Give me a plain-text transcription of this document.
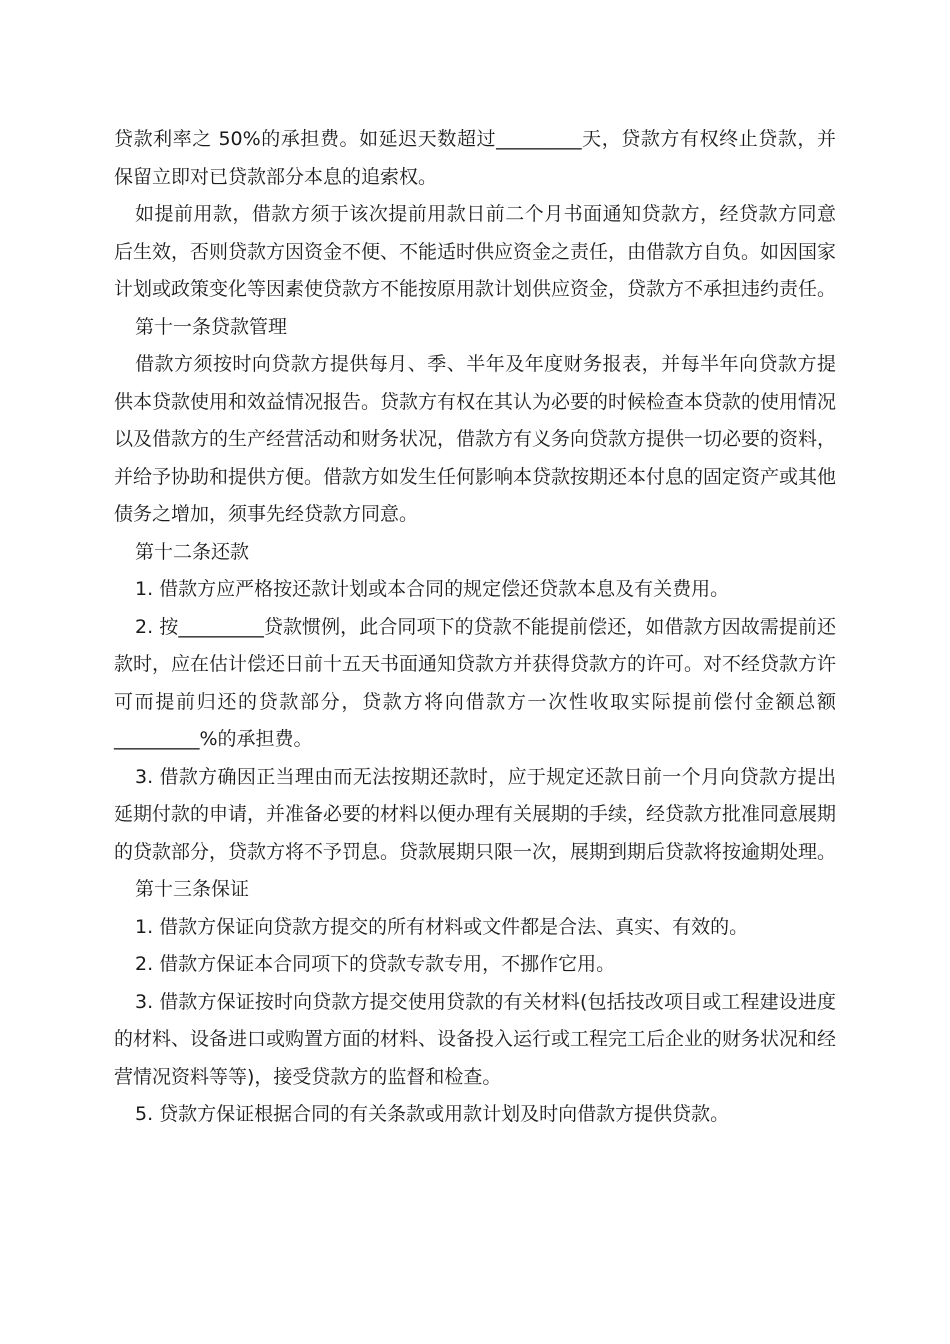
贷款利率之 50%的承担费。如延迟天数超过_________天，贷款方有权终止贷款，并保留立即对已贷款部分本息的追索权。

如提前用款，借款方须于该次提前用款日前二个月书面通知贷款方，经贷款方同意后生效，否则贷款方因资金不便、不能适时供应资金之责任，由借款方自负。如因国家计划或政策变化等因素使贷款方不能按原用款计划供应资金，贷款方不承担违约责任。

第十一条贷款管理

借款方须按时向贷款方提供每月、季、半年及年度财务报表，并每半年向贷款方提供本贷款使用和效益情况报告。贷款方有权在其认为必要的时候检查本贷款的使用情况以及借款方的生产经营活动和财务状况，借款方有义务向贷款方提供一切必要的资料，并给予协助和提供方便。借款方如发生任何影响本贷款按期还本付息的固定资产或其他债务之增加，须事先经贷款方同意。

第十二条还款

1. 借款方应严格按还款计划或本合同的规定偿还贷款本息及有关费用。

2. 按_________贷款惯例，此合同项下的贷款不能提前偿还，如借款方因故需提前还款时，应在估计偿还日前十五天书面通知贷款方并获得贷款方的许可。对不经贷款方许可而提前归还的贷款部分，贷款方将向借款方一次性收取实际提前偿付金额总额_________%的承担费。

3. 借款方确因正当理由而无法按期还款时，应于规定还款日前一个月向贷款方提出延期付款的申请，并准备必要的材料以便办理有关展期的手续，经贷款方批准同意展期的贷款部分，贷款方将不予罚息。贷款展期只限一次，展期到期后贷款将按逾期处理。

第十三条保证

1. 借款方保证向贷款方提交的所有材料或文件都是合法、真实、有效的。

2. 借款方保证本合同项下的贷款专款专用，不挪作它用。

3. 借款方保证按时向贷款方提交使用贷款的有关材料(包括技改项目或工程建设进度的材料、设备进口或购置方面的材料、设备投入运行或工程完工后企业的财务状况和经营情况资料等等)，接受贷款方的监督和检查。

5. 贷款方保证根据合同的有关条款或用款计划及时向借款方提供贷款。
